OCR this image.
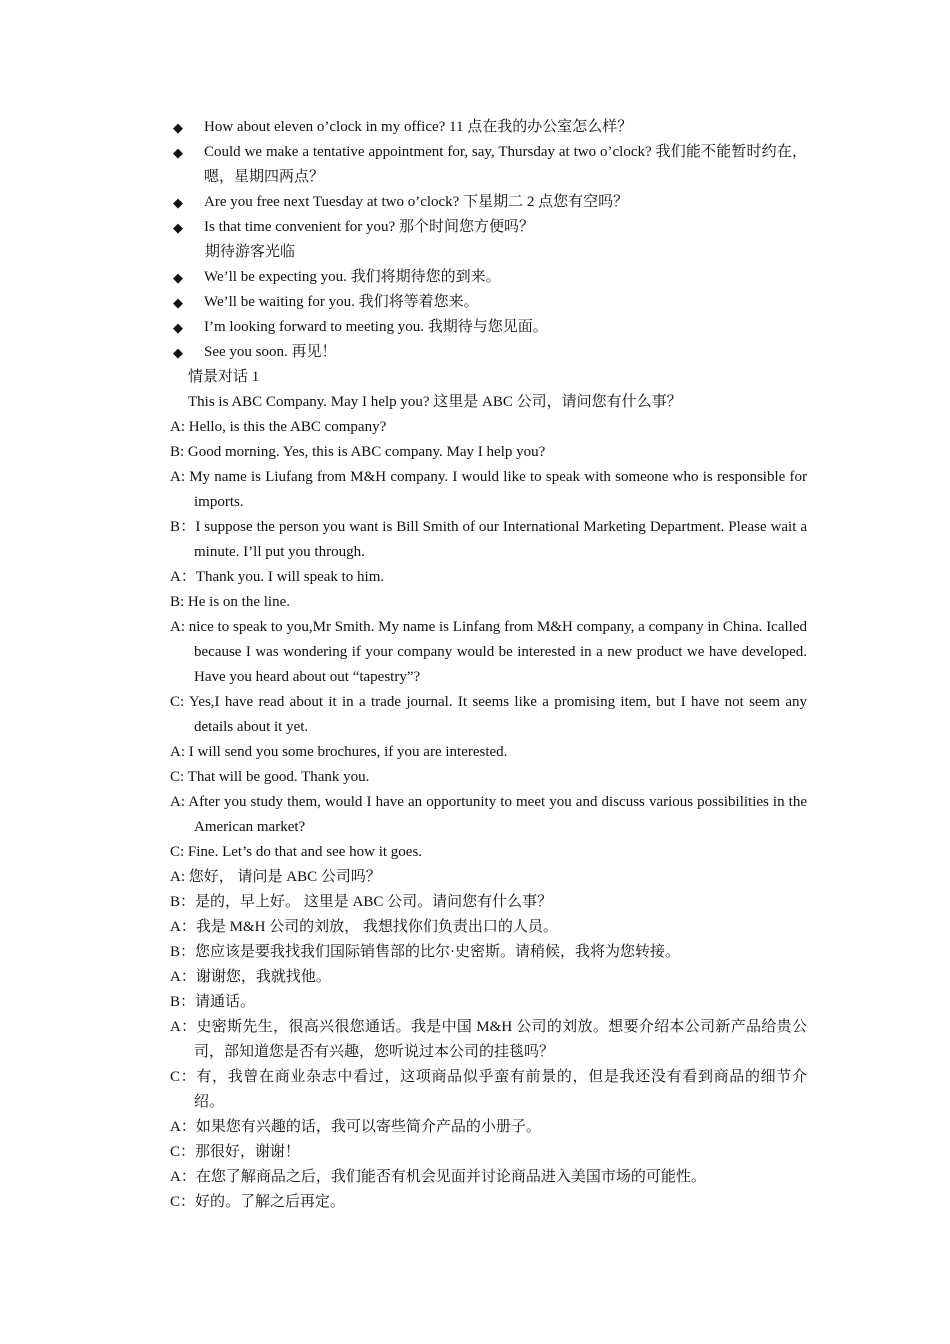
◆ How about eleven o’clock in my office? 11 点在我的办公室怎么样？
◆ Could we make a tentative appointment for, say, Thursday at two o’clock? 我们能不能暂时约在，嗯，星期四两点？
◆ Are you free next Tuesday at two o’clock? 下星期二 2 点您有空吗？
◆ Is that time convenient for you? 那个时间您方便吗？
期待游客光临
◆ We’ll be expecting you. 我们将期待您的到来。
◆ We’ll be waiting for you. 我们将等着您来。
◆ I’m looking forward to meeting you. 我期待与您见面。
◆ See you soon. 再见！
情景对话 1
This is ABC Company. May I help you? 这里是 ABC 公司，请问您有什么事？
A: Hello, is this the ABC company?
B: Good morning. Yes, this is ABC company. May I help you?
A: My name is Liufang from M&H company. I would like to speak with someone who is responsible for imports.
B：I suppose the person you want is Bill Smith of our International Marketing Department. Please wait a minute. I’ll put you through.
A：Thank you. I will speak to him.
B: He is on the line.
A: nice to speak to you,Mr Smith. My name is Linfang from M&H company, a company in China. Icalled because I was wondering if your company would be interested in a new product we have developed. Have you heard about out “tapestry”?
C: Yes,I have read about it in a trade journal. It seems like a promising item, but I have not seem any details about it yet.
A: I will send you some brochures, if you are interested.
C: That will be good. Thank you.
A: After you study them, would I have an opportunity to meet you and discuss various possibilities in the American market?
C: Fine. Let’s do that and see how it goes.
A: 您好， 请问是 ABC 公司吗？
B：是的，早上好。 这里是 ABC 公司。请问您有什么事？
A：我是 M&H 公司的刘放， 我想找你们负责出口的人员。
B：您应该是要我找我们国际销售部的比尔·史密斯。请稍候，我将为您转接。
A：谢谢您，我就找他。
B：请通话。
A：史密斯先生，很高兴很您通话。我是中国 M&H 公司的刘放。想要介绍本公司新产品给贵公司，部知道您是否有兴趣，您听说过本公司的挂毯吗？
C：有，我曾在商业杂志中看过，这项商品似乎蛮有前景的，但是我还没有看到商品的细节介绍。
A：如果您有兴趣的话，我可以寄些简介产品的小册子。
C：那很好，谢谢！
A：在您了解商品之后，我们能否有机会见面并讨论商品进入美国市场的可能性。
C：好的。了解之后再定。
